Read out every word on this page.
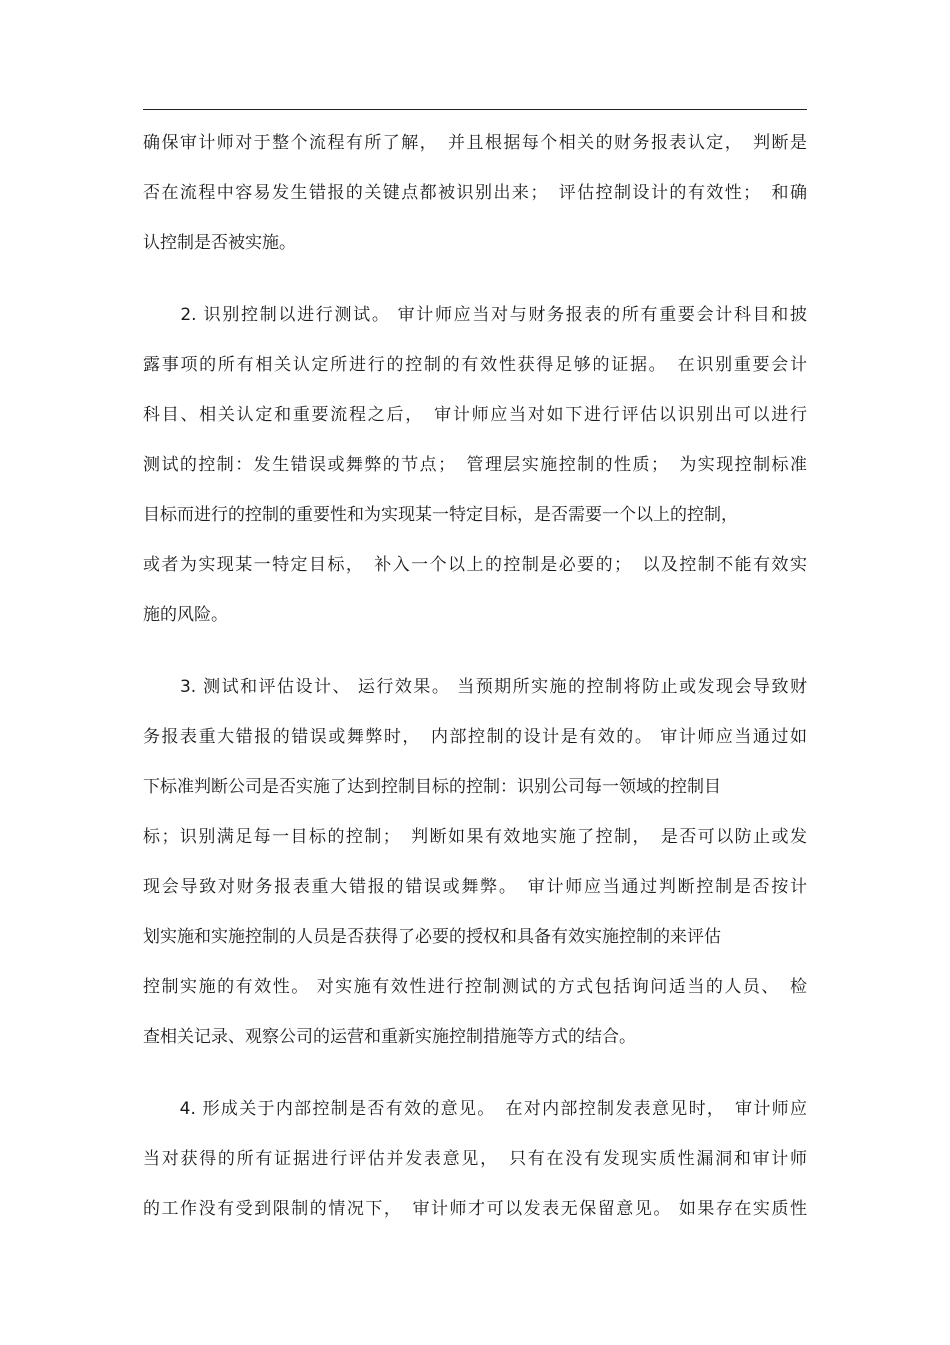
确保审计师对于整个流程有所了解，　并且根据每个相关的财务报表认定，　判断是
否在流程中容易发生错报的关键点都被识别出来；　评估控制设计的有效性；　和确
认控制是否被实施。
　　2. 识别控制以进行测试。 审计师应当对与财务报表的所有重要会计科目和披
露事项的所有相关认定所进行的控制的有效性获得足够的证据。　在识别重要会计
科目、相关认定和重要流程之后，　审计师应当对如下进行评估以识别出可以进行
测试的控制：发生错误或舞弊的节点；　管理层实施控制的性质；　为实现控制标准
目标而进行的控制的重要性和为实现某一特定目标，是否需要一个以上的控制，
或者为实现某一特定目标，　补入一个以上的控制是必要的；　以及控制不能有效实
施的风险。
　　3. 测试和评估设计、 运行效果。 当预期所实施的控制将防止或发现会导致财
务报表重大错报的错误或舞弊时，　内部控制的设计是有效的。 审计师应当通过如
下标准判断公司是否实施了达到控制目标的控制：识别公司每一领域的控制目
标；识别满足每一目标的控制；　判断如果有效地实施了控制，　是否可以防止或发
现会导致对财务报表重大错报的错误或舞弊。　审计师应当通过判断控制是否按计
划实施和实施控制的人员是否获得了必要的授权和具备有效实施控制的来评估
控制实施的有效性。 对实施有效性进行控制测试的方式包括询问适当的人员、　检
查相关记录、观察公司的运营和重新实施控制措施等方式的结合。
　　4. 形成关于内部控制是否有效的意见。　在对内部控制发表意见时，　审计师应
当对获得的所有证据进行评估并发表意见，　只有在没有发现实质性漏洞和审计师
的工作没有受到限制的情况下，　审计师才可以发表无保留意见。 如果存在实质性
